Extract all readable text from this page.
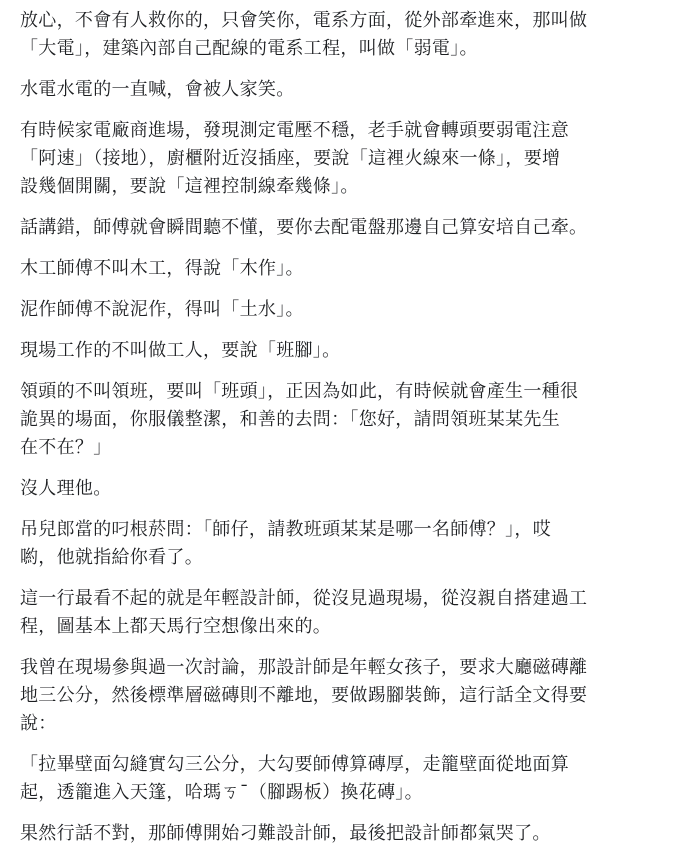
放心，不會有人救你的，只會笑你，電系方面，從外部牽進來，那叫做
「大電」，建築內部自己配線的電系工程，叫做「弱電」。
水電水電的一直喊，會被人家笑。
有時候家電廠商進場，發現測定電壓不穩，老手就會轉頭要弱電注意
「阿速」（接地），廚櫃附近沒插座，要說「這裡火線來一條」，要增
設幾個開關，要說「這裡控制線牽幾條」。
話講錯，師傅就會瞬間聽不懂，要你去配電盤那邊自己算安培自己牽。
木工師傅不叫木工，得說「木作」。
泥作師傅不說泥作，得叫「土水」。
現場工作的不叫做工人，要說「班腳」。
領頭的不叫領班，要叫「班頭」，正因為如此，有時候就會產生一種很
詭異的場面，你服儀整潔，和善的去問：「您好，請問領班某某先生
在不在？」
沒人理他。
吊兒郎當的叼根菸問：「師仔，請教班頭某某是哪一名師傅？」，哎
喲，他就指給你看了。
這一行最看不起的就是年輕設計師，從沒見過現場，從沒親自搭建過工
程，圖基本上都天馬行空想像出來的。
我曾在現場參與過一次討論，那設計師是年輕女孩子，要求大廳磁磚離
地三公分，然後標準層磁磚則不離地，要做踢腳裝飾，這行話全文得要
說：
「拉畢壁面勾縫實勾三公分，大勾要師傅算磚厚，走籠壁面從地面算
起，透籠進入天篷，哈瑪ㄎˉ（腳踢板）換花磚」。
果然行話不對，那師傅開始刁難設計師，最後把設計師都氣哭了。
